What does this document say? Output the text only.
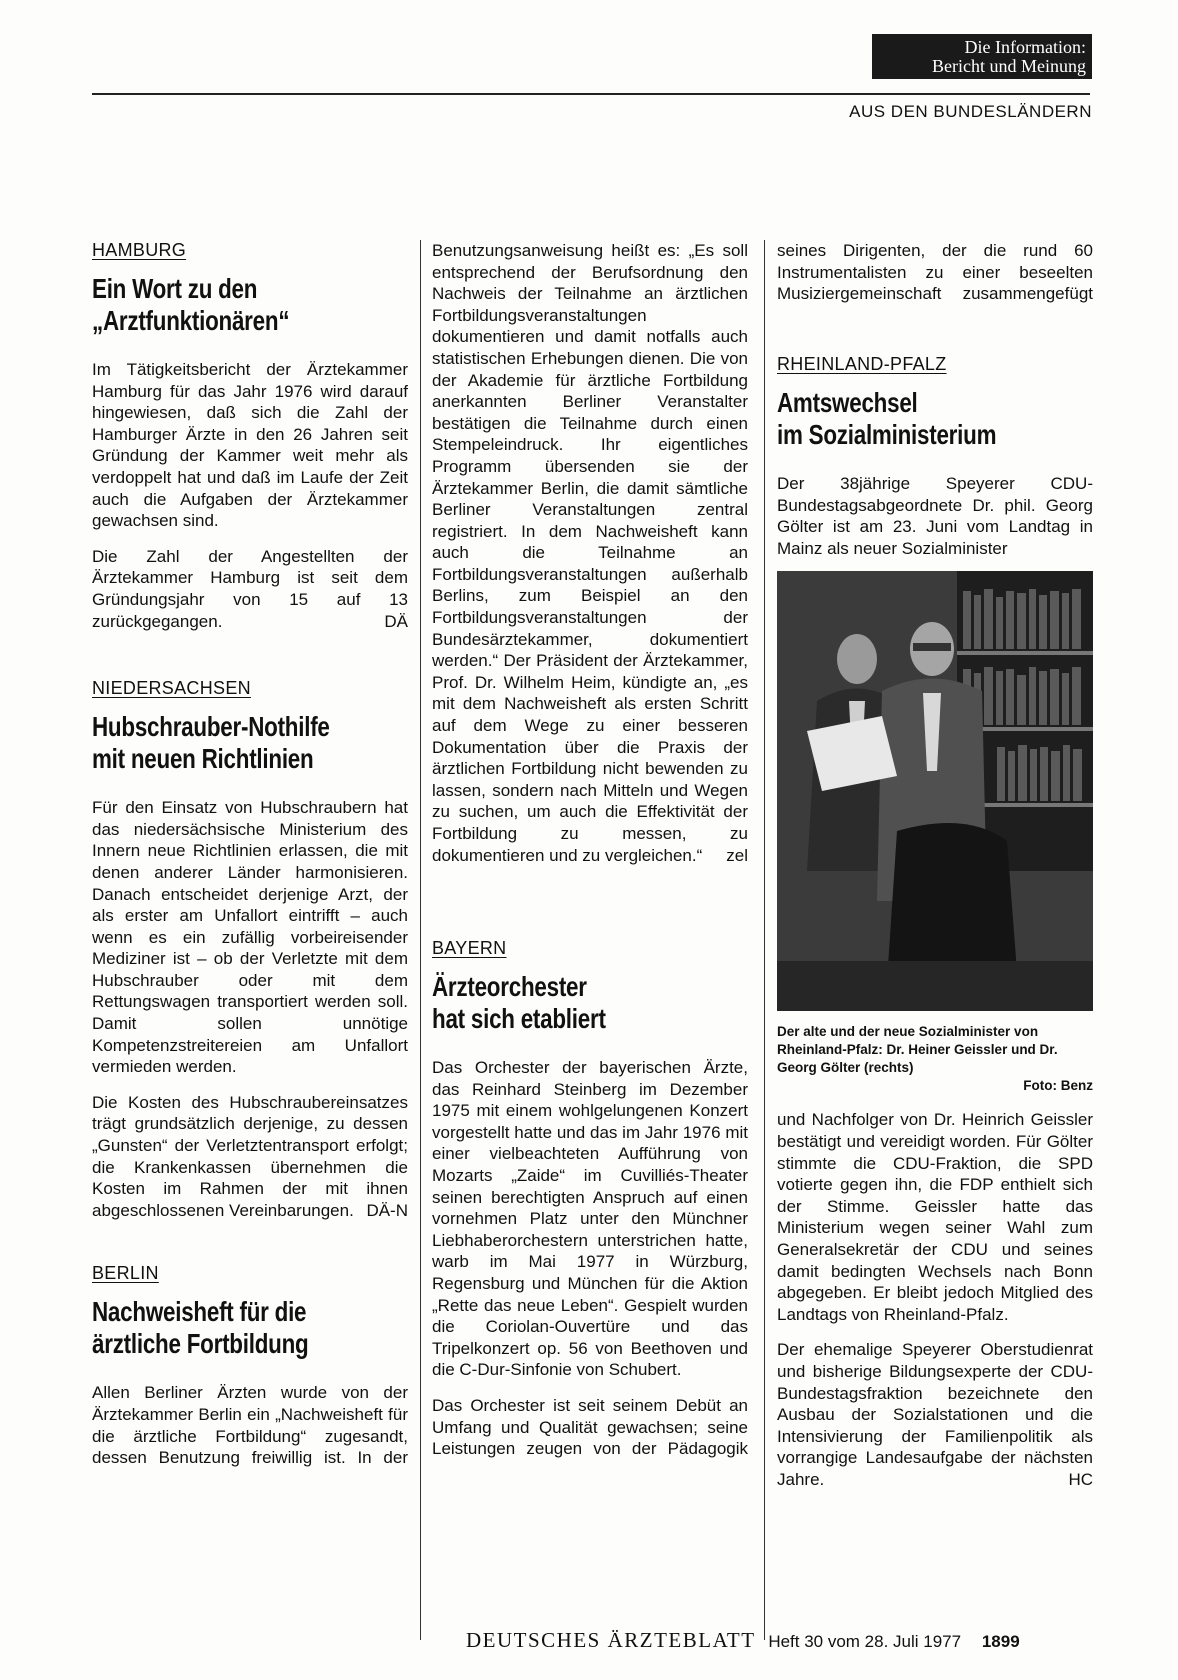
Die Information:
Bericht und Meinung
AUS DEN BUNDESLÄNDERN
HAMBURG
Ein Wort zu den
„Arztfunktionären“

Im Tätigkeitsbericht der Ärztekammer Hamburg für das Jahr 1976 wird darauf hingewiesen, daß sich die Zahl der Hamburger Ärzte in den 26 Jahren seit Gründung der Kammer weit mehr als verdoppelt hat und daß im Laufe der Zeit auch die Aufgaben der Ärztekammer gewachsen sind.

Die Zahl der Angestellten der Ärztekammer Hamburg ist seit dem Gründungsjahr von 15 auf 13 zurückgegangen.	DÄ

NIEDERSACHSEN
Hubschrauber-Nothilfe
mit neuen Richtlinien

Für den Einsatz von Hubschraubern hat das niedersächsische Ministerium des Innern neue Richtlinien erlassen, die mit denen anderer Länder harmonisieren. Danach entscheidet derjenige Arzt, der als erster am Unfallort eintrifft – auch wenn es ein zufällig vorbeireisender Mediziner ist – ob der Verletzte mit dem Hubschrauber oder mit dem Rettungswagen transportiert werden soll. Damit sollen unnötige Kompetenzstreitereien am Unfallort vermieden werden.

Die Kosten des Hubschraubereinsatzes trägt grundsätzlich derjenige, zu dessen „Gunsten“ der Verletztentransport erfolgt; die Krankenkassen übernehmen die Kosten im Rahmen der mit ihnen abgeschlossenen Vereinbarungen. DÄ-N

BERLIN
Nachweisheft für die
ärztliche Fortbildung

Allen Berliner Ärzten wurde von der Ärztekammer Berlin ein „Nachweisheft für die ärztliche Fortbildung“ zugesandt, dessen Benutzung freiwillig ist. In der

Benutzungsanweisung heißt es: „Es soll entsprechend der Berufsordnung den Nachweis der Teilnahme an ärztlichen Fortbildungsveranstaltungen dokumentieren und damit notfalls auch statistischen Erhebungen dienen. Die von der Akademie für ärztliche Fortbildung anerkannten Berliner Veranstalter bestätigen die Teilnahme durch einen Stempeleindruck. Ihr eigentliches Programm übersenden sie der Ärztekammer Berlin, die damit sämtliche Berliner Veranstaltungen zentral registriert. In dem Nachweisheft kann auch die Teilnahme an Fortbildungsveranstaltungen außerhalb Berlins, zum Beispiel an den Fortbildungsveranstaltungen der Bundesärztekammer, dokumentiert werden.“ Der Präsident der Ärztekammer, Prof. Dr. Wilhelm Heim, kündigte an, „es mit dem Nachweisheft als ersten Schritt auf dem Wege zu einer besseren Dokumentation über die Praxis der ärztlichen Fortbildung nicht bewenden zu lassen, sondern nach Mitteln und Wegen zu suchen, um auch die Effektivität der Fortbildung zu messen, zu dokumentieren und zu vergleichen.“ zel

BAYERN
Ärzteorchester
hat sich etabliert

Das Orchester der bayerischen Ärzte, das Reinhard Steinberg im Dezember 1975 mit einem wohlgelungenen Konzert vorgestellt hatte und das im Jahr 1976 mit einer vielbeachteten Aufführung von Mozarts „Zaide“ im Cuvilliés-Theater seinen berechtigten Anspruch auf einen vornehmen Platz unter den Münchner Liebhaberorchestern unterstrichen hatte, warb im Mai 1977 in Würzburg, Regensburg und München für die Aktion „Rette das neue Leben“. Gespielt wurden die Coriolan-Ouvertüre und das Tripelkonzert op. 56 von Beethoven und die C-Dur-Sinfonie von Schubert.

Das Orchester ist seit seinem Debüt an Umfang und Qualität gewachsen; seine Leistungen zeugen von der Pädagogik

seines Dirigenten, der die rund 60 Instrumentalisten zu einer beseelten Musiziergemeinschaft zusammengefügt

RHEINLAND-PFALZ
Amtswechsel
im Sozialministerium

Der 38jährige Speyerer CDU-Bundestagsabgeordnete Dr. phil. Georg Gölter ist am 23. Juni vom Landtag in Mainz als neuer Sozialminister

Der alte und der neue Sozialminister von Rheinland-Pfalz: Dr. Heiner Geissler und Dr. Georg Gölter (rechts)
Foto: Benz

und Nachfolger von Dr. Heinrich Geissler bestätigt und vereidigt worden. Für Gölter stimmte die CDU-Fraktion, die SPD votierte gegen ihn, die FDP enthielt sich der Stimme. Geissler hatte das Ministerium wegen seiner Wahl zum Generalsekretär der CDU und seines damit bedingten Wechsels nach Bonn abgegeben. Er bleibt jedoch Mitglied des Landtags von Rheinland-Pfalz.

Der ehemalige Speyerer Oberstudienrat und bisherige Bildungsexperte der CDU-Bundestagsfraktion bezeichnete den Ausbau der Sozialstationen und die Intensivierung der Familienpolitik als vorrangige Landesaufgabe der nächsten Jahre.	HC

DEUTSCHES ÄRZTEBLATT Heft 30 vom 28. Juli 1977 1899
